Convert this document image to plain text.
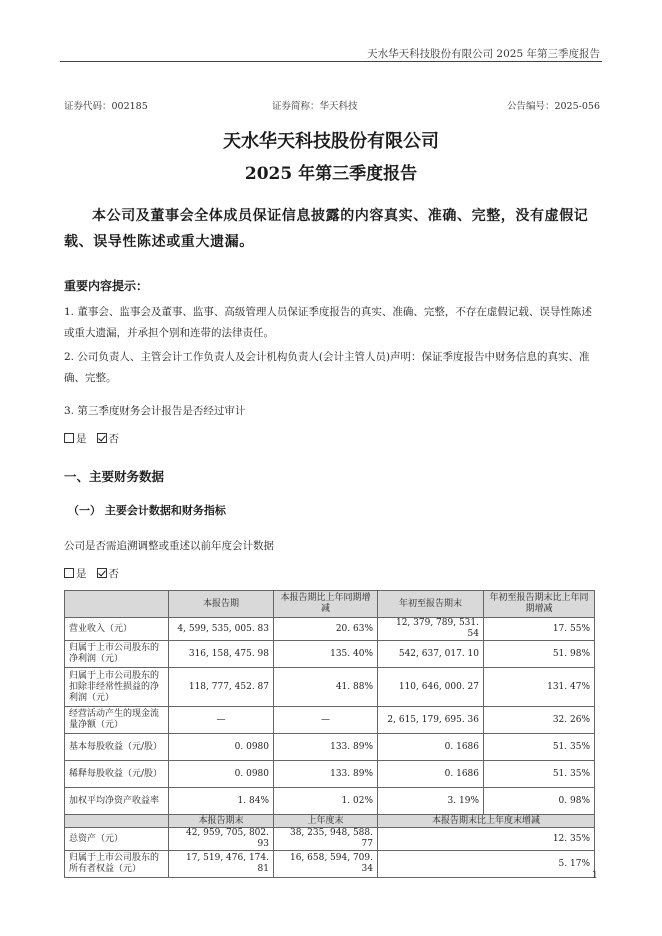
天水华天科技股份有限公司 2025 年第三季度报告
证券代码：002185	证券简称：华天科技	公告编号：2025-056
天水华天科技股份有限公司
2025 年第三季度报告
本公司及董事会全体成员保证信息披露的内容真实、准确、完整，没有虚假记载、误导性陈述或重大遗漏。
重要内容提示：
1. 董事会、监事会及董事、监事、高级管理人员保证季度报告的真实、准确、完整，不存在虚假记载、误导性陈述或重大遗漏，并承担个别和连带的法律责任。
2. 公司负责人、主管会计工作负责人及会计机构负责人(会计主管人员)声明：保证季度报告中财务信息的真实、准确、完整。
3. 第三季度财务会计报告是否经过审计
是 否
一、主要财务数据
（一） 主要会计数据和财务指标
公司是否需追溯调整或重述以前年度会计数据
是 否
	本报告期	本报告期比上年同期增减	年初至报告期末	年初至报告期末比上年同期增减
营业收入（元）	4, 599, 535, 005. 83	20. 63%	12, 379, 789, 531. 54	17. 55%
归属于上市公司股东的净利润（元）	316, 158, 475. 98	135. 40%	542, 637, 017. 10	51. 98%
归属于上市公司股东的扣除非经常性损益的净利润（元）	118, 777, 452. 87	41. 88%	110, 646, 000. 27	131. 47%
经营活动产生的现金流量净额（元）	—	—	2, 615, 179, 695. 36	32. 26%
基本每股收益（元/股）	0. 0980	133. 89%	0. 1686	51. 35%
稀释每股收益（元/股）	0. 0980	133. 89%	0. 1686	51. 35%
加权平均净资产收益率	1. 84%	1. 02%	3. 19%	0. 98%
	本报告期末	上年度末	本报告期末比上年度末增减	
总资产（元）	42, 959, 705, 802. 93	38, 235, 948, 588. 77	12. 35%	
归属于上市公司股东的所有者权益（元）	17, 519, 476, 174. 81	16, 658, 594, 709. 34	5. 17%	
1
